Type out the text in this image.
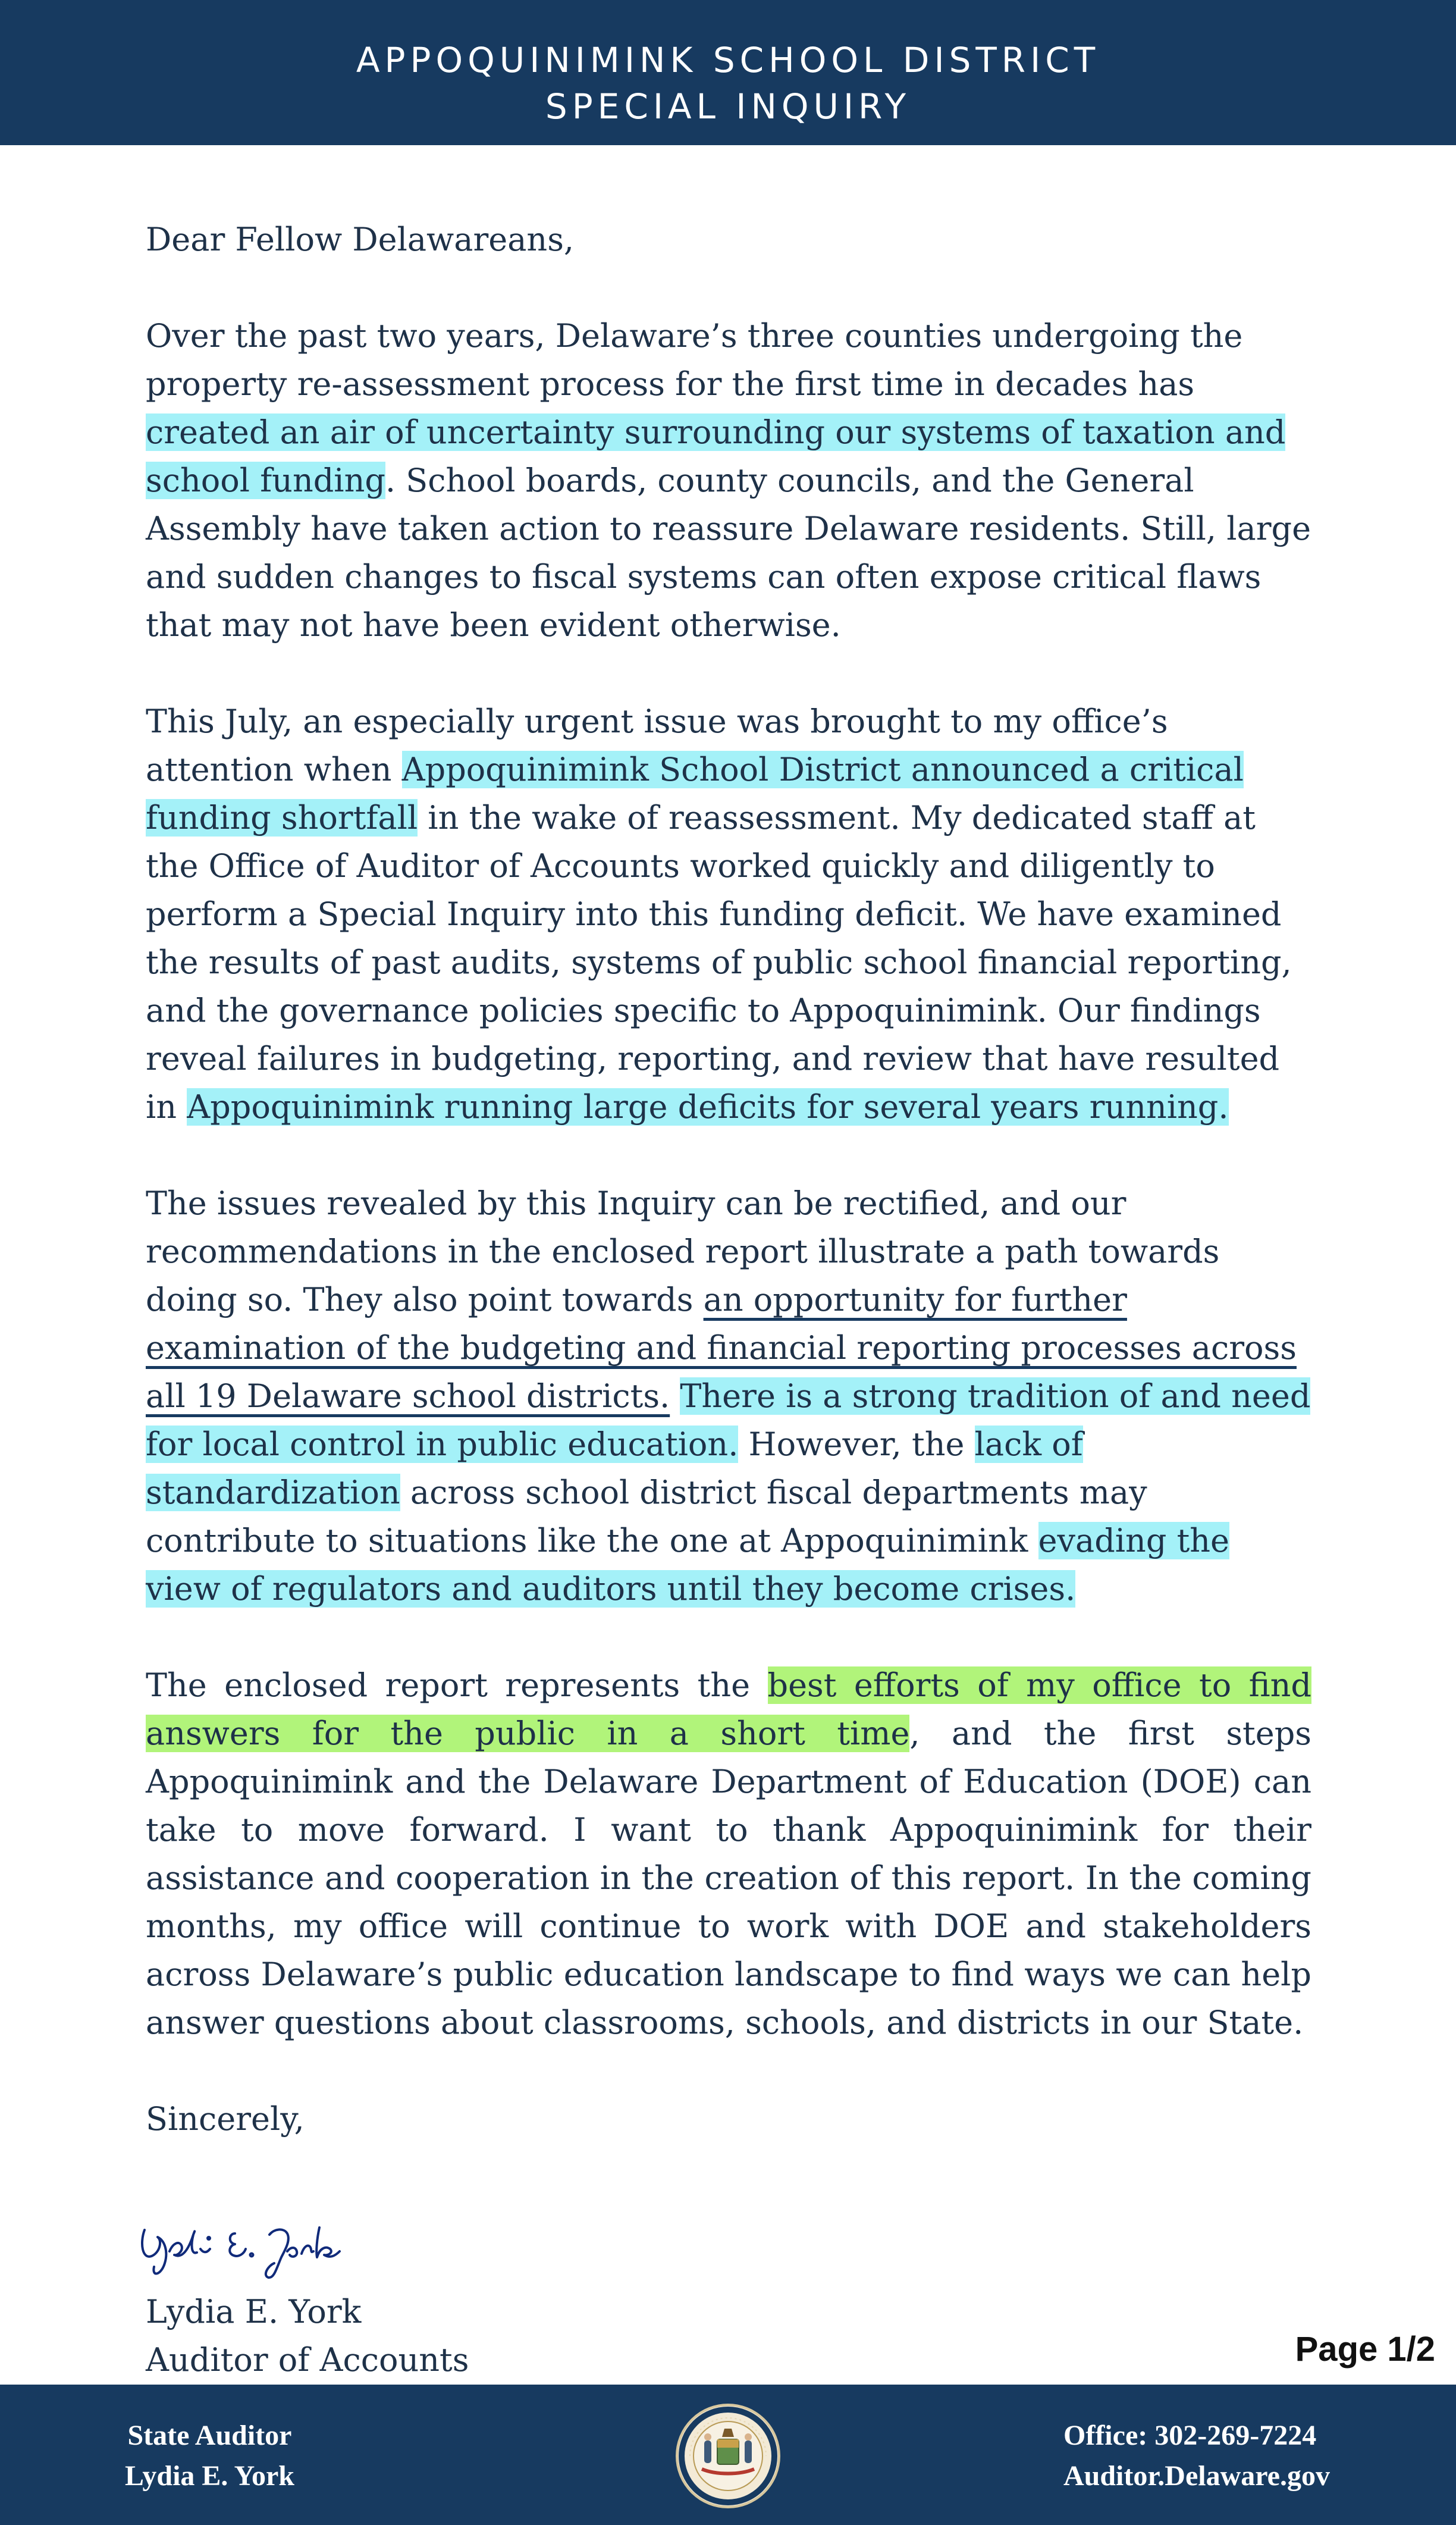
APPOQUINIMINK SCHOOL DISTRICT
SPECIAL INQUIRY

Dear Fellow Delawareans,

Over the past two years, Delaware’s three counties undergoing the property re-assessment process for the first time in decades has created an air of uncertainty surrounding our systems of taxation and school funding. School boards, county councils, and the General Assembly have taken action to reassure Delaware residents. Still, large and sudden changes to fiscal systems can often expose critical flaws that may not have been evident otherwise.

This July, an especially urgent issue was brought to my office’s attention when Appoquinimink School District announced a critical funding shortfall in the wake of reassessment. My dedicated staff at the Office of Auditor of Accounts worked quickly and diligently to perform a Special Inquiry into this funding deficit. We have examined the results of past audits, systems of public school financial reporting, and the governance policies specific to Appoquinimink. Our findings reveal failures in budgeting, reporting, and review that have resulted in Appoquinimink running large deficits for several years running.

The issues revealed by this Inquiry can be rectified, and our recommendations in the enclosed report illustrate a path towards doing so. They also point towards an opportunity for further examination of the budgeting and financial reporting processes across all 19 Delaware school districts. There is a strong tradition of and need for local control in public education. However, the lack of standardization across school district fiscal departments may contribute to situations like the one at Appoquinimink evading the view of regulators and auditors until they become crises.

The enclosed report represents the best efforts of my office to find answers for the public in a short time, and the first steps Appoquinimink and the Delaware Department of Education (DOE) can take to move forward. I want to thank Appoquinimink for their assistance and cooperation in the creation of this report. In the coming months, my office will continue to work with DOE and stakeholders across Delaware’s public education landscape to find ways we can help answer questions about classrooms, schools, and districts in our State.

Sincerely,
Lydia E. York
Auditor of Accounts	Page 1/2
State Auditor
Lydia E. York
Office: 302-269-7224
Auditor.Delaware.gov
